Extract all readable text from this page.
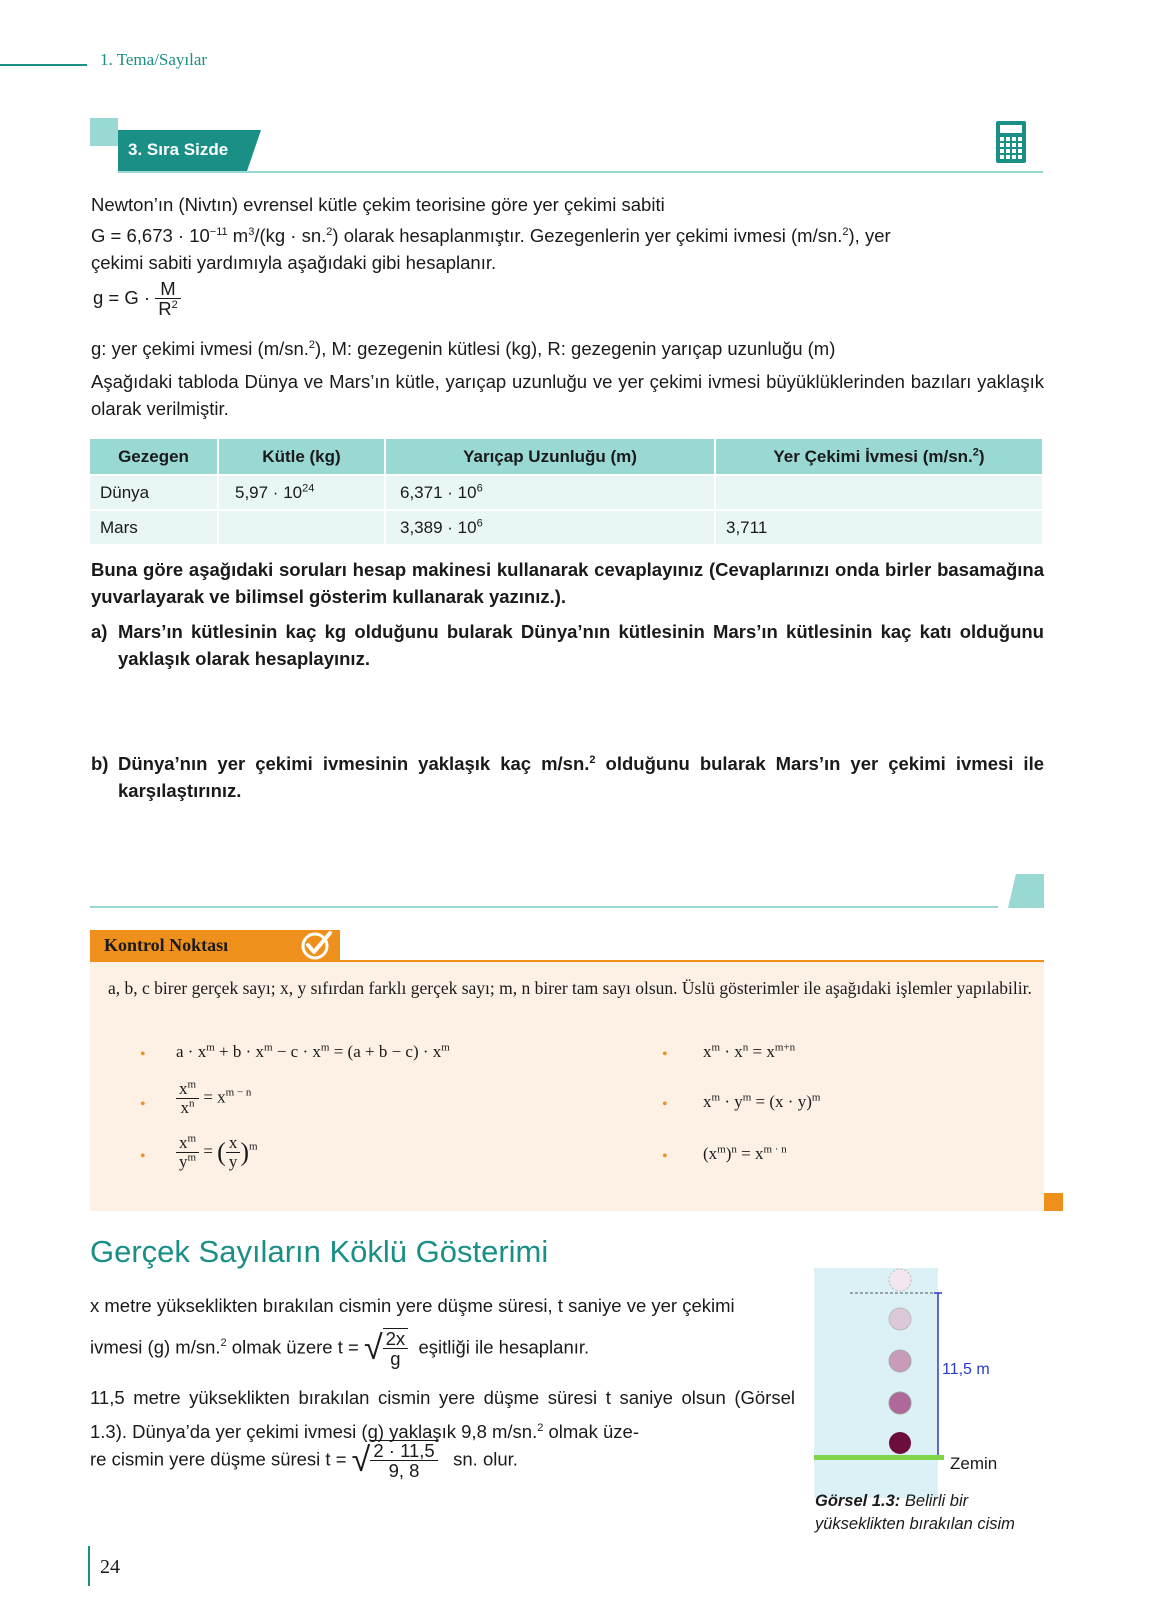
1. Tema/Sayılar
3. Sıra Sizde
Newton’ın (Nivtın) evrensel kütle çekim teorisine göre yer çekimi sabiti
$G = 6,673 \cdot 10^{-11}$ $m^3/(kg \cdot sn.^2)$ olarak hesaplanmıştır. Gezegenlerin yer çekimi ivmesi (m/sn.$^2$), yer
çekimi sabiti yardımıyla aşağıdaki gibi hesaplanır.
$g = G \cdot \frac{M}{R^2}$
g: yer çekimi ivmesi (m/sn.$^2$), M: gezegenin kütlesi (kg), R: gezegenin yarıçap uzunluğu (m)
Aşağıdaki tabloda Dünya ve Mars’ın kütle, yarıçap uzunluğu ve yer çekimi ivmesi büyüklüklerinden bazıları yaklaşık olarak verilmiştir.
Gezegen	Kütle (kg)	Yarıçap Uzunluğu (m)	Yer Çekimi İvmesi (m/sn.$^2$)
Dünya	$5,97 \cdot 10^{24}$	$6,371 \cdot 10^6$	
Mars		$3,389 \cdot 10^6$	3,711
Buna göre aşağıdaki soruları hesap makinesi kullanarak cevaplayınız (Cevaplarınızı onda birler basamağına yuvarlayarak ve bilimsel gösterim kullanarak yazınız.).
a) Mars’ın kütlesinin kaç kg olduğunu bularak Dünya’nın kütlesinin Mars’ın kütlesinin kaç katı olduğunu yaklaşık olarak hesaplayınız.
b) Dünya’nın yer çekimi ivmesinin yaklaşık kaç m/sn.$^2$ olduğunu bularak Mars’ın yer çekimi ivmesi ile karşılaştırınız.
Kontrol Noktası
a, b, c birer gerçek sayı; x, y sıfırdan farklı gerçek sayı; m, n birer tam sayı olsun. Üslü gösterimler ile aşağıdaki işlemler yapılabilir.
• $a \cdot x^m + b \cdot x^m - c \cdot x^m = (a + b - c) \cdot x^m$	• $x^m \cdot x^n = x^{m+n}$
• $\frac{x^m}{x^n} = x^{m - n}$
• $x^m \cdot y^m = (x \cdot y)^m$
• $\frac{x^m}{y^m}$ = ( $\frac{x}{y} )^m$
• $(x^m)^n = x^{m \cdot n}$
Gerçek Sayıların Köklü Gösterimi
x metre yükseklikten bırakılan cismin yere düşme süresi, t saniye ve yer çekimi
ivmesi (g) m/sn.$^2$ olmak üzere t = √ $\frac{2x}{g}$ eşitliği ile hesaplanır.
11,5 metre yükseklikten bırakılan cismin yere düşme süresi t saniye olsun (Görsel 1.3). Dünya’da yer çekimi ivmesi (g) yaklaşık 9,8 m/sn.$^2$ olmak üze-
re cismin yere düşme süresi t = √ $\frac{2 \cdot 11,5}{9, 8}$ sn. olur.
11,5 m
Zemin
Görsel 1.3: Belirli bir yükseklikten bırakılan cisim
24
